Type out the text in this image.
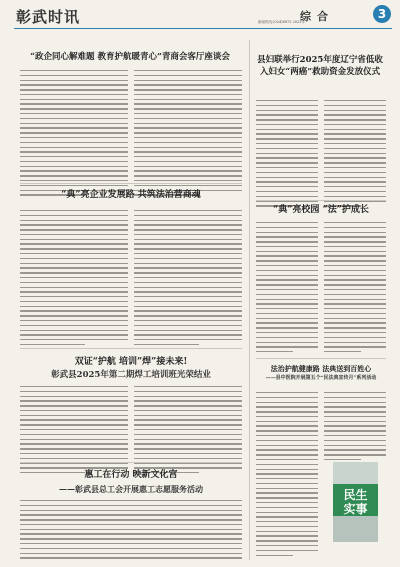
彰武时讯	新闻热线:(024)8875 2022年
综合	3
“政企同心解难题 教育护航暖青心”青商会客厅座谈会	县妇联举行2025年度辽宁省低收入妇女“两癌”救助资金发放仪式
“典”亮企业发展路 共筑法治营商魂
“典”亮校园 “法”护成长
双证“护航 培训”焊”接未来!
彰武县2025年第二期焊工培训班光荣结业
法治护航健康路 法典送到百姓心
——县中医院开展第五个“民法典宣传月”系列活动
民生
实事
惠工在行动 映新文化宫
——彰武县总工会开展惠工志愿服务活动
